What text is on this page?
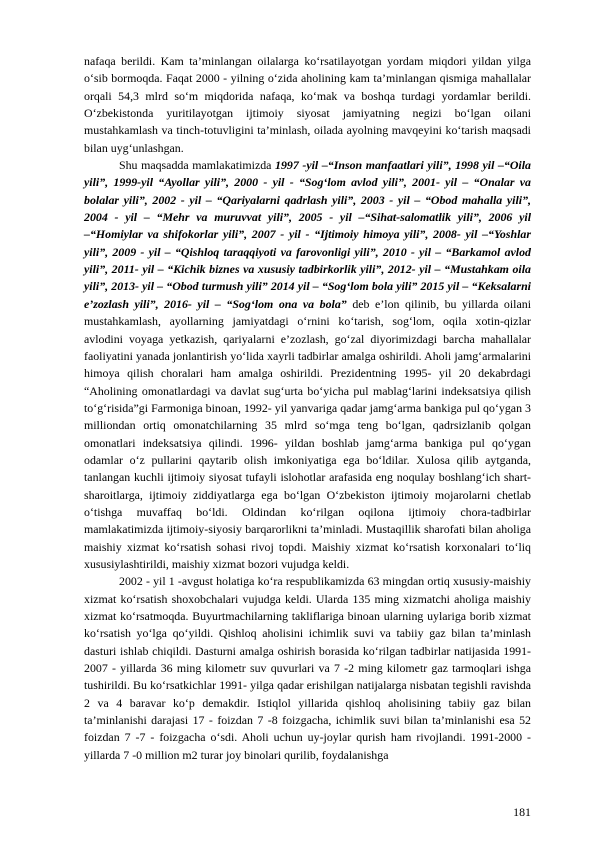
nafaqa berildi. Kam ta’minlangan oilalarga ko‘rsatilayotgan yordam miqdori yildan yilga o‘sib bormoqda. Faqat 2000 - yilning o‘zida aholining kam ta’minlangan qismiga mahallalar orqali 54,3 mlrd so‘m miqdorida nafaqa, ko‘mak va boshqa turdagi yordamlar berildi. O‘zbekistonda yuritilayotgan ijtimoiy siyosat jamiyatning negizi bo‘lgan oilani mustahkamlash va tinch-totuvligini ta’minlash, oilada ayolning mavqeyini ko‘tarish maqsadi bilan uyg‘unlashgan.

Shu maqsadda mamlakatimizda 1997 -yil –“Inson manfaatlari yili”, 1998 yil –“Oila yili”, 1999-yil “Ayollar yili”, 2000 - yil - “Sog‘lom avlod yili”, 2001- yil – “Onalar va bolalar yili”, 2002 - yil – “Qariyalarni qadrlash yili”, 2003 - yil – “Obod mahalla yili”, 2004 - yil – “Mehr va muruvvat yili”, 2005 - yil –“Sihat-salomatlik yili”, 2006 yil –“Homiylar va shifokorlar yili”, 2007 - yil - “Ijtimoiy himoya yili”, 2008- yil –“Yoshlar yili”, 2009 - yil – “Qishloq taraqqiyoti va farovonligi yili”, 2010 - yil – “Barkamol avlod yili”, 2011- yil – “Kichik biznes va xususiy tadbirkorlik yili”, 2012- yil – “Mustahkam oila yili”, 2013- yil – “Obod turmush yili” 2014 yil – “Sog‘lom bola yili” 2015 yil – “Keksalarni e’zozlash yili”, 2016- yil – “Sog‘lom ona va bola” deb e’lon qilinib, bu yillarda oilani mustahkamlash, ayollarning jamiyatdagi o‘rnini ko‘tarish, sog‘lom, oqila xotin-qizlar avlodini voyaga yetkazish, qariyalarni e’zozlash, go‘zal diyorimizdagi barcha mahallalar faoliyatini yanada jonlantirish yo‘lida xayrli tadbirlar amalga oshirildi. Aholi jamg‘armalarini himoya qilish choralari ham amalga oshirildi. Prezidentning 1995- yil 20 dekabrdagi “Aholining omonatlardagi va davlat sug‘urta bo‘yicha pul mablag‘larini indeksatsiya qilish to‘g‘risida”gi Farmoniga binoan, 1992- yil yanvariga qadar jamg‘arma bankiga pul qo‘ygan 3 milliondan ortiq omonatchilarning 35 mlrd so‘mga teng bo‘lgan, qadrsizlanib qolgan omonatlari indeksatsiya qilindi. 1996- yildan boshlab jamg‘arma bankiga pul qo‘ygan odamlar o‘z pullarini qaytarib olish imkoniyatiga ega bo‘ldilar. Xulosa qilib aytganda, tanlangan kuchli ijtimoiy siyosat tufayli islohotlar arafasida eng noqulay boshlang‘ich shart-sharoitlarga, ijtimoiy ziddiyatlarga ega bo‘lgan O‘zbekiston ijtimoiy mojarolarni chetlab o‘tishga muvaffaq bo‘ldi. Oldindan ko‘rilgan oqilona ijtimoiy chora-tadbirlar mamlakatimizda ijtimoiy-siyosiy barqarorlikni ta’minladi. Mustaqillik sharofati bilan aholiga maishiy xizmat ko‘rsatish sohasi rivoj topdi. Maishiy xizmat ko‘rsatish korxonalari to‘liq xususiylashtirildi, maishiy xizmat bozori vujudga keldi.

2002 - yil 1 -avgust holatiga ko‘ra respublikamizda 63 mingdan ortiq xususiy-maishiy xizmat ko‘rsatish shoxobchalari vujudga keldi. Ularda 135 ming xizmatchi aholiga maishiy xizmat ko‘rsatmoqda. Buyurtmachilarning takliflariga binoan ularning uylariga borib xizmat ko‘rsatish yo‘lga qo‘yildi. Qishloq aholisini ichimlik suvi va tabiiy gaz bilan ta’minlash dasturi ishlab chiqildi. Dasturni amalga oshirish borasida ko‘rilgan tadbirlar natijasida 1991-2007 - yillarda 36 ming kilometr suv quvurlari va 7 -2 ming kilometr gaz tarmoqlari ishga tushirildi. Bu ko‘rsatkichlar 1991- yilga qadar erishilgan natijalarga nisbatan tegishli ravishda 2 va 4 baravar ko‘p demakdir. Istiqlol yillarida qishloq aholisining tabiiy gaz bilan ta’minlanishi darajasi 17 - foizdan 7 -8 foizgacha, ichimlik suvi bilan ta’minlanishi esa 52 foizdan 7 -7 - foizgacha o‘sdi. Aholi uchun uy-joylar qurish ham rivojlandi. 1991-2000 - yillarda 7 -0 million m2 turar joy binolari qurilib, foydalanishga

181
